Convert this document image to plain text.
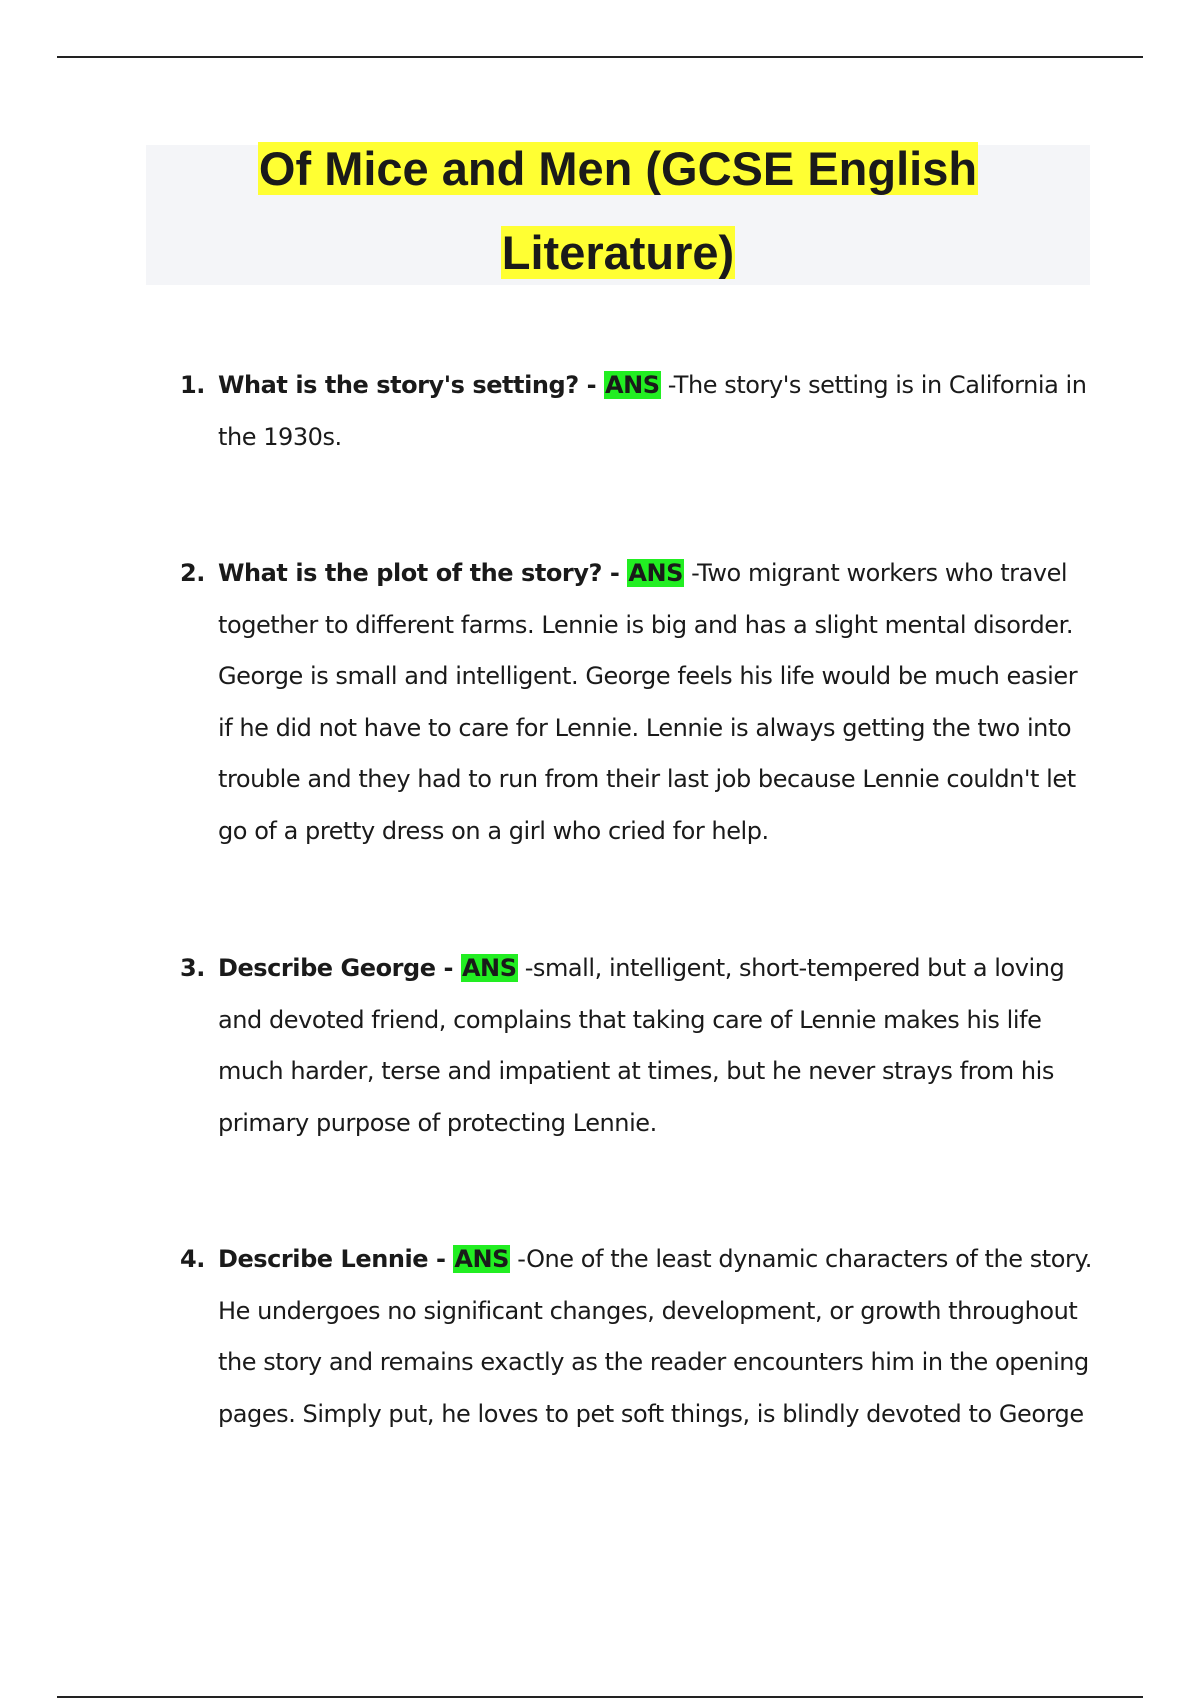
Of Mice and Men (GCSE English
Literature)
1. What is the story's setting? - ANS -The story's setting is in California in the 1930s.
2. What is the plot of the story? - ANS -Two migrant workers who travel together to different farms. Lennie is big and has a slight mental disorder. George is small and intelligent. George feels his life would be much easier if he did not have to care for Lennie. Lennie is always getting the two into trouble and they had to run from their last job because Lennie couldn't let go of a pretty dress on a girl who cried for help.
3. Describe George - ANS -small, intelligent, short-tempered but a loving and devoted friend, complains that taking care of Lennie makes his life much harder, terse and impatient at times, but he never strays from his primary purpose of protecting Lennie.
4. Describe Lennie - ANS -One of the least dynamic characters of the story. He undergoes no significant changes, development, or growth throughout the story and remains exactly as the reader encounters him in the opening pages. Simply put, he loves to pet soft things, is blindly devoted to George
